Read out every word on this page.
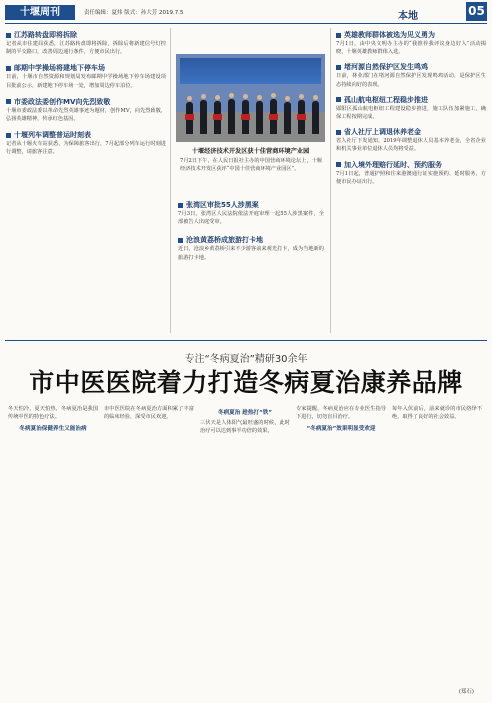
十堰周刊	责任编辑：夏炜 版式：孙大芳 2019.7.5	本地	05
江苏路转盘即将拆除
记者从市住建局获悉，江苏路转盘即将拆除，拆除后将新建信号灯控制的平交路口，改善周边通行条件，方便市民出行。
邮期中学操场将建地下停车场
日前，十堰市自然资源和规划局发布邮期中学操场地下停车场建设项目批前公示，新建地下停车场一处，增加周边停车泊位。
市委政法委创作MV向先烈致敬
十堰市委政法委以革命先烈英雄事迹为题材，创作MV，向先烈致敬，弘扬英雄精神，传承红色基因。
十堰列车调整普运时刻表
记者从十堰火车站获悉，为保障旅客出行，7月起部分列车运行时刻进行调整，请旅客注意。	十堰经济技术开发区获十佳营商环境产业园
7月2日下午，在人民日报社主办的中国营商环境论坛上，十堰经济技术开发区获评“中国十佳营商环境产业园区”。
张湾区审批55人涉黑案
7月3日，张湾区人民法院依法开庭审理一起55人涉黑案件，全部被告人出庭受审。
沧浪黄荔桥成旅游打卡地
近日，沧浪乡黄荔桥引来不少游客前来观光打卡，成为当地新的旅游打卡地。
英雄教师群体被选为见义勇为
7月1日，由中央文明办主办的“我推荐我评议身边好人”活动揭晓，十堰英雄教师群体入选。
堵河源自然保护区发生鸣鸡
日前，林业部门在堵河源自然保护区发现鸣鸡活动，是保护区生态持续向好的表现。
孤山航电枢纽工程稳步推进
郧阳区孤山航电枢纽工程建设稳步推进，施工队伍加紧施工，确保工程按期完成。
省人社厅上调退休养老金
省人社厅下发通知，2019年调整退休人员基本养老金，全省企业和机关事业单位退休人员均将受益。
加入境外理赔行延时、预约服务
7月1日起，普通护照和往来港澳通行证实施预约、延时服务，方便市民办证出行。
专注“冬病夏治”精研30余年
市中医医院着力打造冬病夏治康养品牌
冬天怕冷，夏天怕热，冬病夏治是我国传统中医的特色疗法。
冬病夏治保健养生又能治病
市中医医院在冬病夏治方面积累了丰富的临床经验，深受市民欢迎。
冬病夏治 趁热打“铁”
三伏天是人体阳气最旺盛的时候，此时治疗可以达到事半功倍的效果。
专家提醒，冬病夏治应在专业医生指导下进行，切勿盲目治疗。
“冬病夏治”效果明显受欢迎
每年入伏前后，前来就诊的市民络绎不绝，取得了良好的社会效益。
(郑石)
